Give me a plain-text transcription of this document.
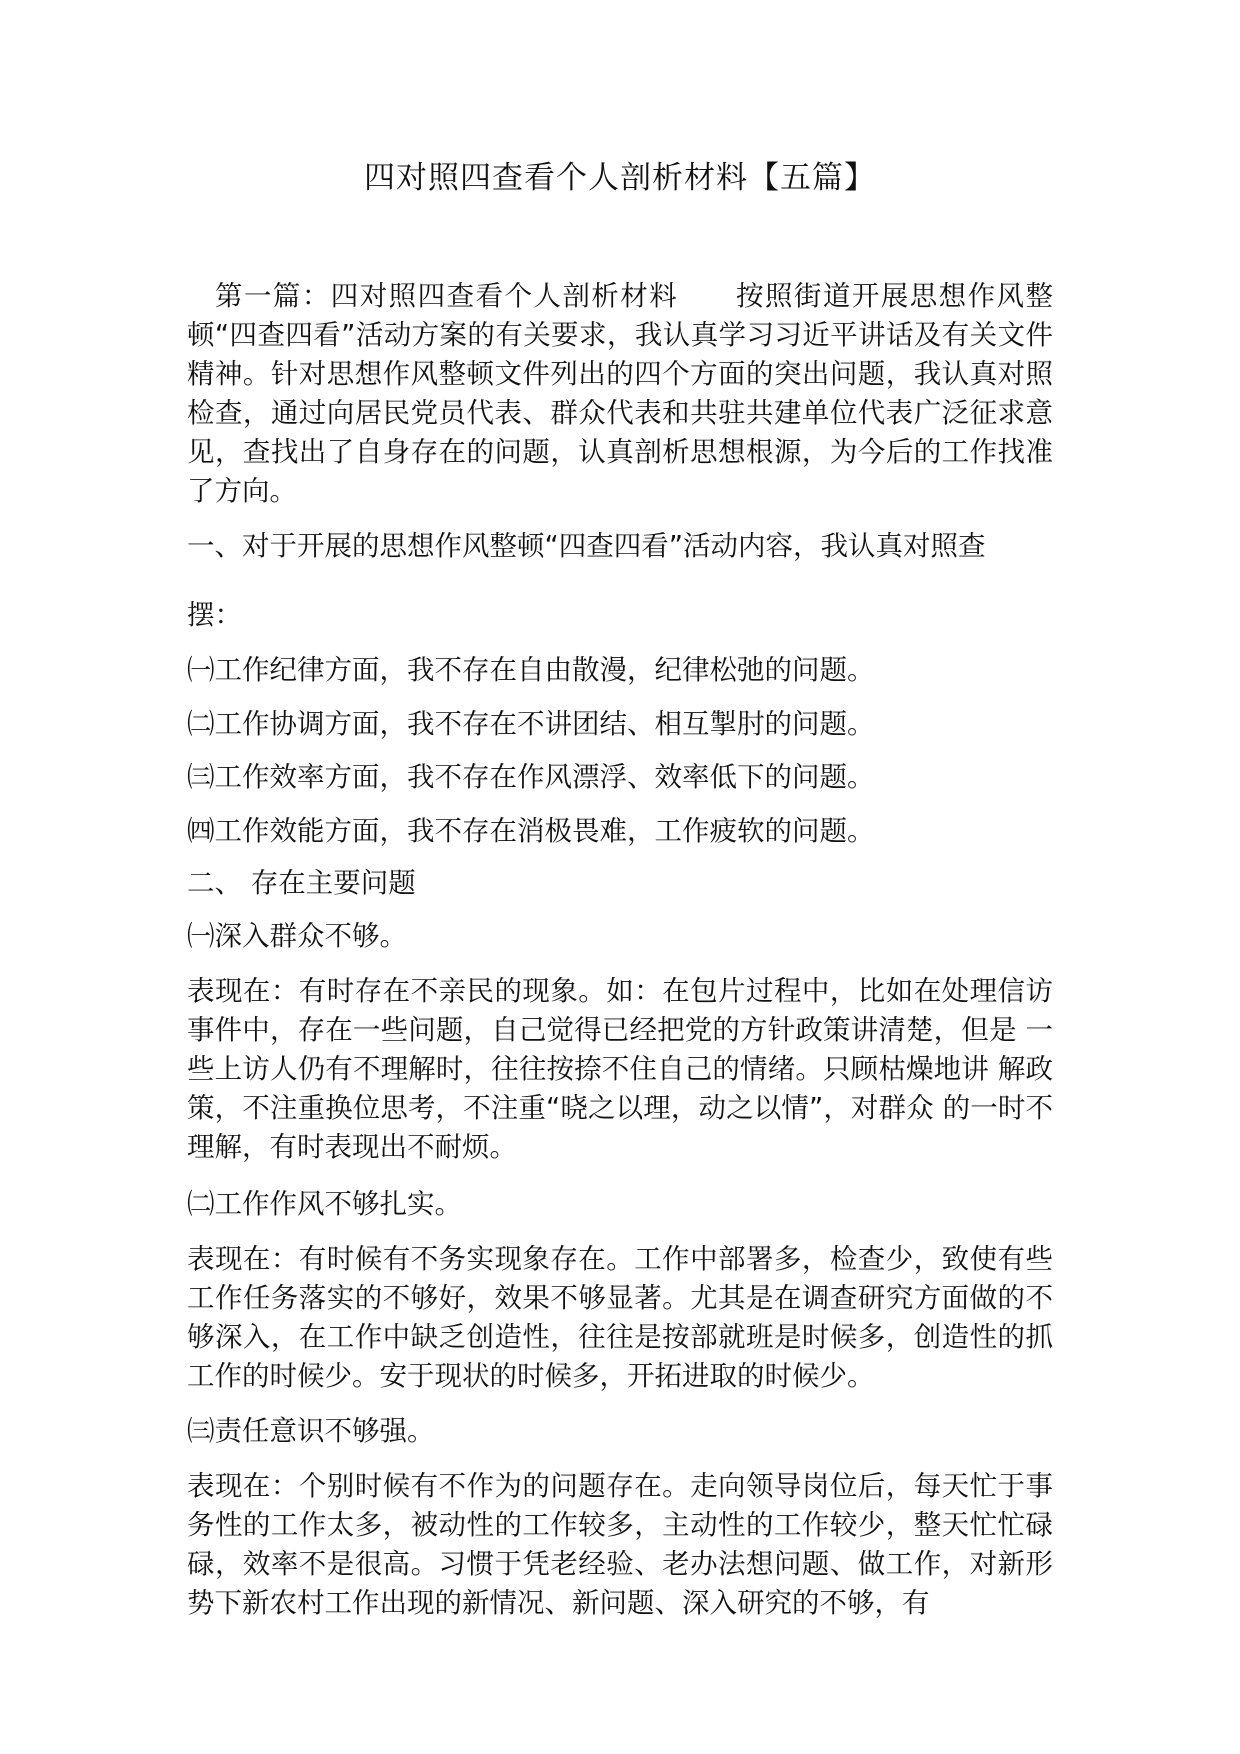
四对照四查看个人剖析材料【五篇】

第一篇：四对照四查看个人剖析材料　　按照街道开展思想作风整顿“四查四看”活动方案的有关要求，我认真学习习近平讲话及有关文件精神。针对思想作风整顿文件列出的四个方面的突出问题，我认真对照检查，通过向居民党员代表、群众代表和共驻共建单位代表广泛征求意见，查找出了自身存在的问题，认真剖析思想根源，为今后的工作找准了方向。

一、对于开展的思想作风整顿“四查四看”活动内容，我认真对照查

摆：

㈠工作纪律方面，我不存在自由散漫，纪律松弛的问题。

㈡工作协调方面，我不存在不讲团结、相互掣肘的问题。

㈢工作效率方面，我不存在作风漂浮、效率低下的问题。

㈣工作效能方面，我不存在消极畏难，工作疲软的问题。

二、 存在主要问题

㈠深入群众不够。

表现在：有时存在不亲民的现象。如：在包片过程中，比如在处理信访 事件中，存在一些问题，自己觉得已经把党的方针政策讲清楚，但是 一些上访人仍有不理解时，往往按捺不住自己的情绪。只顾枯燥地讲 解政策，不注重换位思考，不注重“晓之以理，动之以情”，对群众 的一时不理解，有时表现出不耐烦。

㈡工作作风不够扎实。

表现在：有时候有不务实现象存在。工作中部署多，检查少，致使有些工作任务落实的不够好，效果不够显著。尤其是在调查研究方面做的不够深入，在工作中缺乏创造性，往往是按部就班是时候多，创造性的抓工作的时候少。安于现状的时候多，开拓进取的时候少。

㈢责任意识不够强。

表现在：个别时候有不作为的问题存在。走向领导岗位后，每天忙于事务性的工作太多，被动性的工作较多，主动性的工作较少，整天忙忙碌碌，效率不是很高。习惯于凭老经验、老办法想问题、做工作，对新形势下新农村工作出现的新情况、新问题、深入研究的不够，有
